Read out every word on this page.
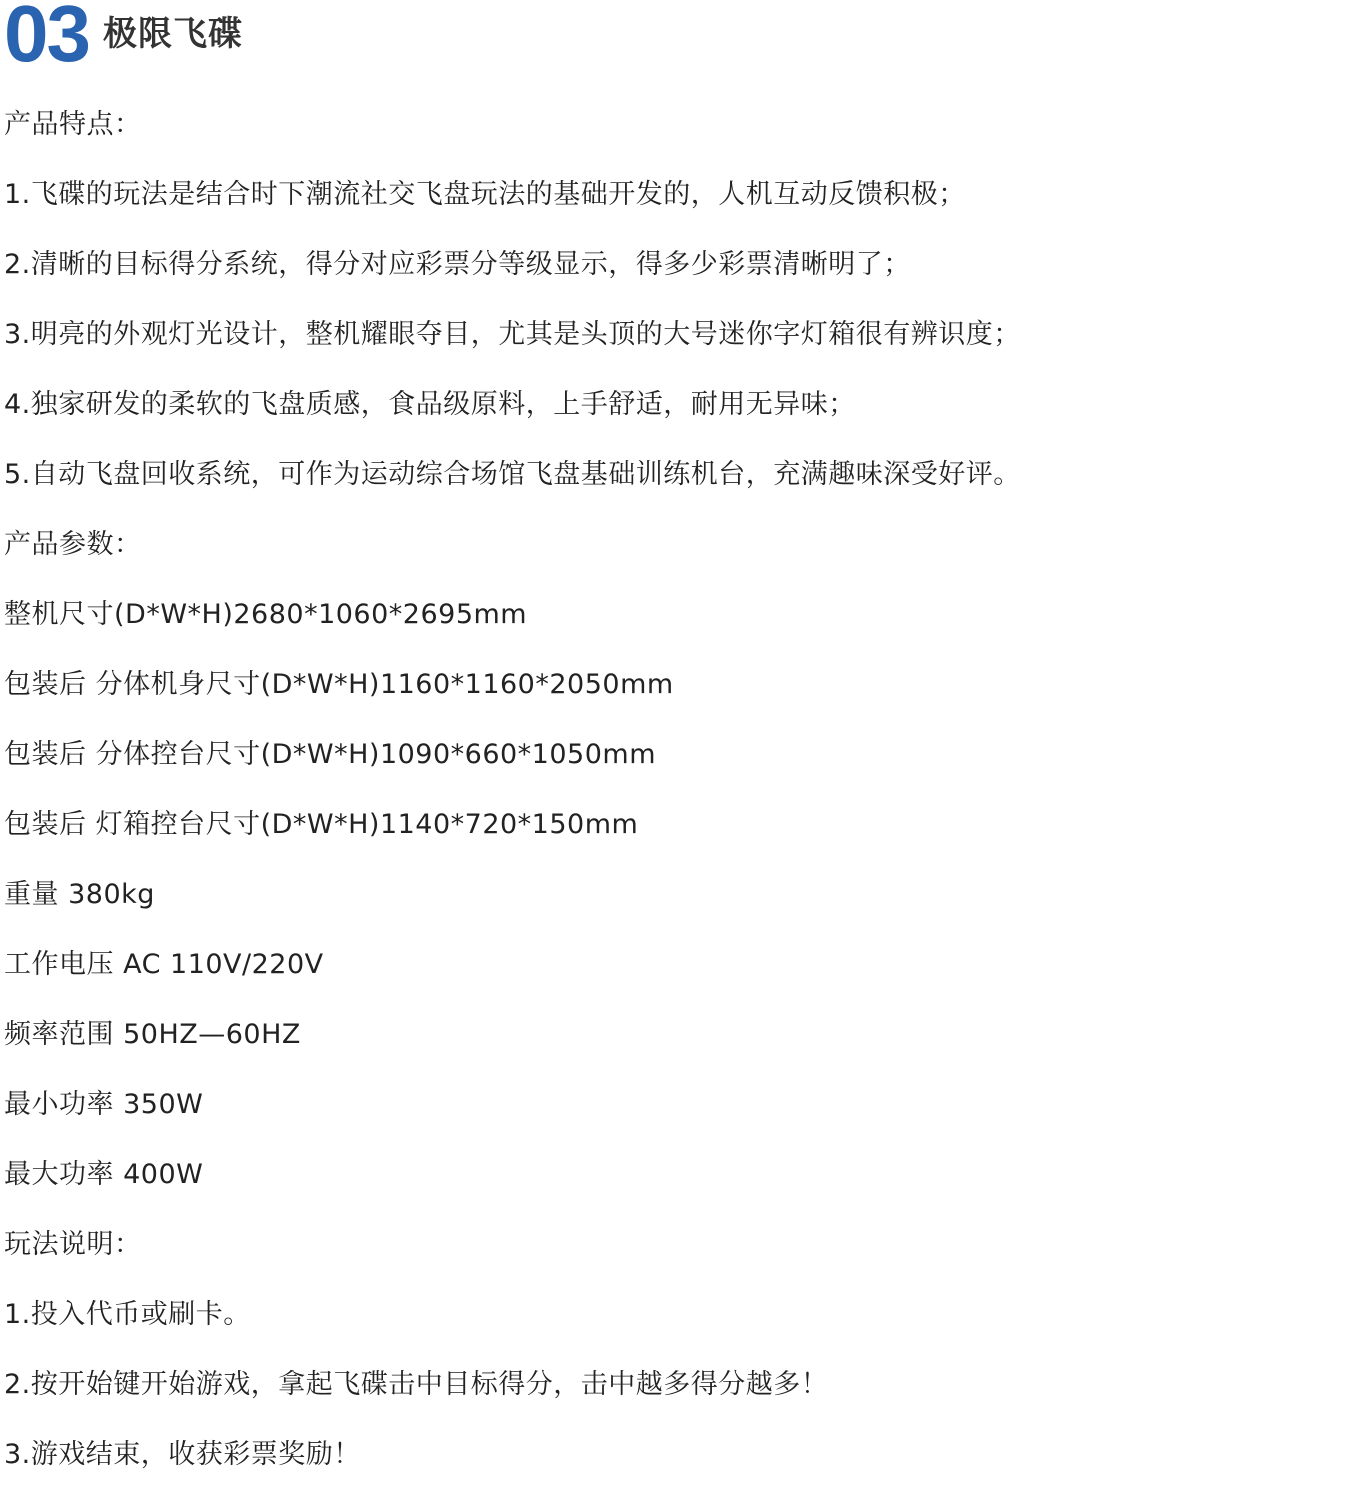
03 极限飞碟
产品特点：
1.飞碟的玩法是结合时下潮流社交飞盘玩法的基础开发的，人机互动反馈积极；
2.清晰的目标得分系统，得分对应彩票分等级显示，得多少彩票清晰明了；
3.明亮的外观灯光设计，整机耀眼夺目，尤其是头顶的大号迷你字灯箱很有辨识度；
4.独家研发的柔软的飞盘质感，食品级原料，上手舒适，耐用无异味；
5.自动飞盘回收系统，可作为运动综合场馆飞盘基础训练机台，充满趣味深受好评。
产品参数：
整机尺寸(D*W*H)2680*1060*2695mm
包装后 分体机身尺寸(D*W*H)1160*1160*2050mm
包装后 分体控台尺寸(D*W*H)1090*660*1050mm
包装后 灯箱控台尺寸(D*W*H)1140*720*150mm
重量 380kg
工作电压 AC 110V/220V
频率范围 50HZ—60HZ
最小功率 350W
最大功率 400W
玩法说明：
1.投入代币或刷卡。
2.按开始键开始游戏，拿起飞碟击中目标得分，击中越多得分越多！
3.游戏结束，收获彩票奖励！
